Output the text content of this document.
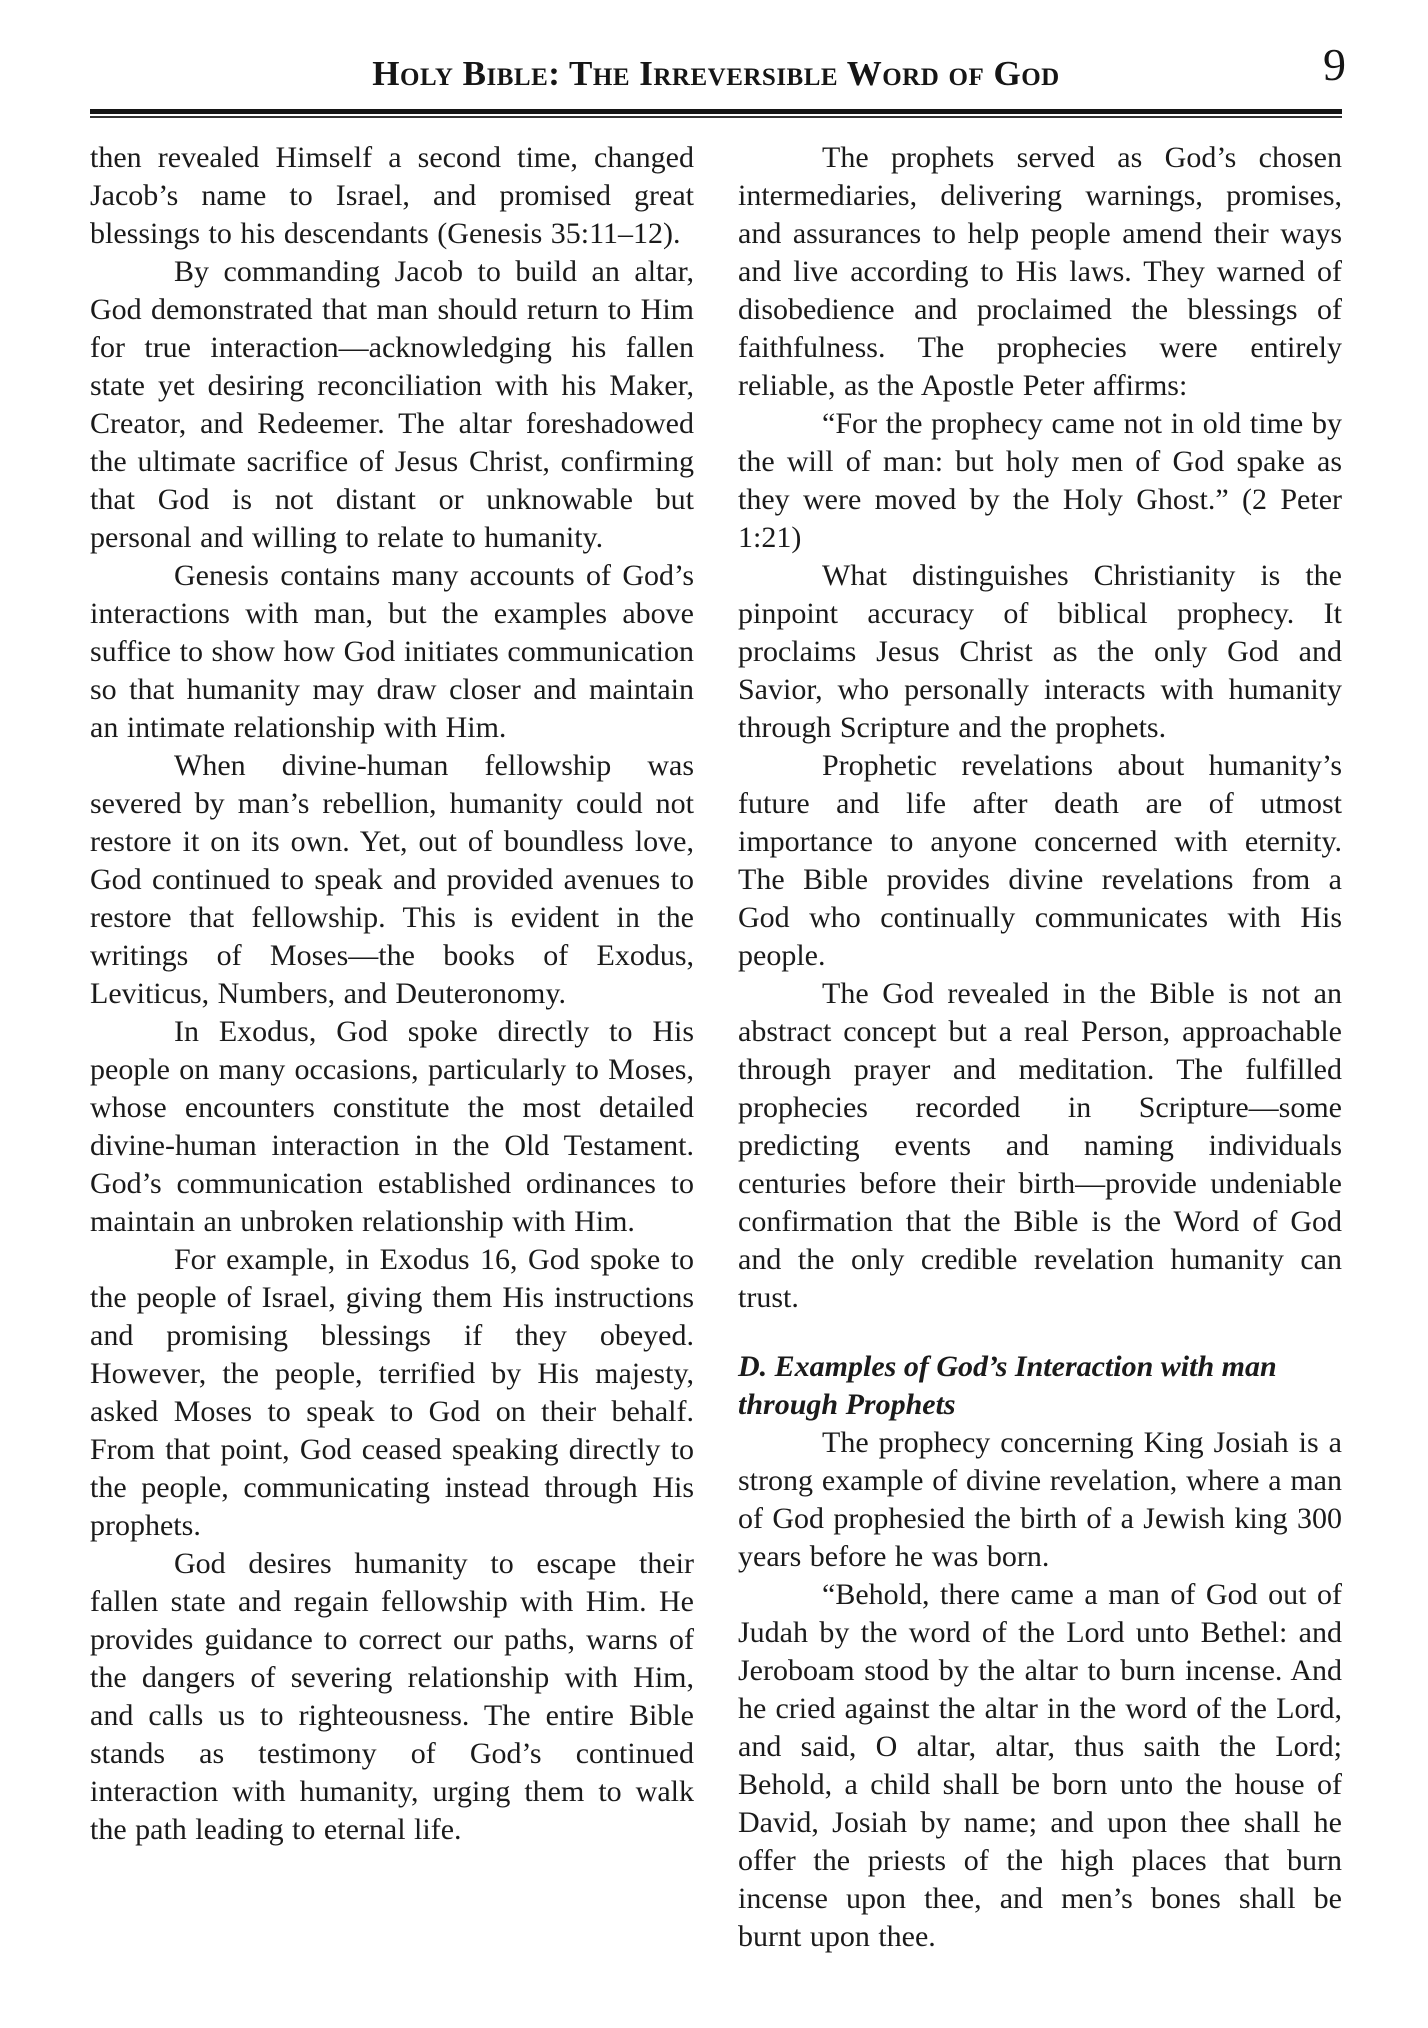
Holy Bible: The Irreversible Word of God	9

then revealed Himself a second time, changed Jacob’s name to Israel, and promised great blessings to his descendants (Genesis 35:11–12).

By commanding Jacob to build an altar, God demonstrated that man should return to Him for true interaction—acknowledging his fallen state yet desiring reconciliation with his Maker, Creator, and Redeemer. The altar foreshadowed the ultimate sacrifice of Jesus Christ, confirming that God is not distant or unknowable but personal and willing to relate to humanity.

Genesis contains many accounts of God’s interactions with man, but the examples above suffice to show how God initiates communication so that humanity may draw closer and maintain an intimate relationship with Him.

When divine-human fellowship was severed by man’s rebellion, humanity could not restore it on its own. Yet, out of boundless love, God continued to speak and provided avenues to restore that fellowship. This is evident in the writings of Moses—the books of Exodus, Leviticus, Numbers, and Deuteronomy.

In Exodus, God spoke directly to His people on many occasions, particularly to Moses, whose encounters constitute the most detailed divine-human interaction in the Old Testament. God’s communication established ordinances to maintain an unbroken relationship with Him.

For example, in Exodus 16, God spoke to the people of Israel, giving them His instructions and promising blessings if they obeyed. However, the people, terrified by His majesty, asked Moses to speak to God on their behalf. From that point, God ceased speaking directly to the people, communicating instead through His prophets.

God desires humanity to escape their fallen state and regain fellowship with Him. He provides guidance to correct our paths, warns of the dangers of severing relationship with Him, and calls us to righteousness. The entire Bible stands as testimony of God’s continued interaction with humanity, urging them to walk the path leading to eternal life.

The prophets served as God’s chosen intermediaries, delivering warnings, promises, and assurances to help people amend their ways and live according to His laws. They warned of disobedience and proclaimed the blessings of faithfulness. The prophecies were entirely reliable, as the Apostle Peter affirms:

“For the prophecy came not in old time by the will of man: but holy men of God spake as they were moved by the Holy Ghost.” (2 Peter 1:21)

What distinguishes Christianity is the pinpoint accuracy of biblical prophecy. It proclaims Jesus Christ as the only God and Savior, who personally interacts with humanity through Scripture and the prophets.

Prophetic revelations about humanity’s future and life after death are of utmost importance to anyone concerned with eternity. The Bible provides divine revelations from a God who continually communicates with His people.

The God revealed in the Bible is not an abstract concept but a real Person, approachable through prayer and meditation. The fulfilled prophecies recorded in Scripture—some predicting events and naming individuals centuries before their birth—provide undeniable confirmation that the Bible is the Word of God and the only credible revelation humanity can trust.

D. Examples of God’s Interaction with man through Prophets

The prophecy concerning King Josiah is a strong example of divine revelation, where a man of God prophesied the birth of a Jewish king 300 years before he was born.

“Behold, there came a man of God out of Judah by the word of the Lord unto Bethel: and Jeroboam stood by the altar to burn incense. And he cried against the altar in the word of the Lord, and said, O altar, altar, thus saith the Lord; Behold, a child shall be born unto the house of David, Josiah by name; and upon thee shall he offer the priests of the high places that burn incense upon thee, and men’s bones shall be burnt upon thee.
